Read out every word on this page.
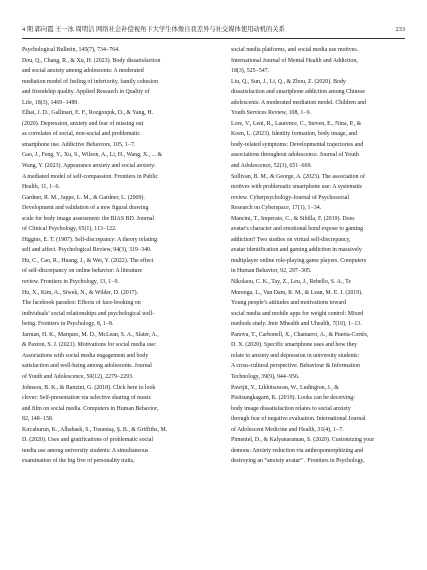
4 期 郭向霞 王一冰 周明洁 网络社会补偿视角下大学生体像自我差异与社交媒体使用动机的关系	233

Psychological Bulletin, 145(7), 734−764.

Dou, Q., Chang, R., & Xu, H. (2023). Body dissatisfaction
and social anxiety among adolescents: A moderated
mediation model of feeling of inferiority, family cohesion
and friendship quality. Applied Research in Quality of
Life, 18(3), 1469−1489.

Elhai, J. D., Gallinari, E. F., Rozgonjuk, D., & Yang, H.
(2020). Depression, anxiety and fear of missing out
as correlates of social, non-social and problematic
smartphone use. Addictive Behaviors, 105, 1−7.

Gao, J., Feng, Y., Xu, S., Wilson, A., Li, H., Wang, X., ... &
Wang, Y. (2023). Appearance anxiety and social anxiety:
A mediated model of self-compassion. Frontiers in Public
Health, 11, 1−6.

Gardner, R. M., Jappe, L. M., & Gardner, L. (2009).
Development and validation of a new figural drawing
scale for body image assessment: the BIAS BD. Journal
of Clinical Psychology, 65(1), 113−122.

Higgins, E. T. (1987). Self-discrepancy: A theory relating
self and affect. Psychological Review, 94(3), 319−340.

Hu, C., Cao, R., Huang, J., & Wei, Y. (2022). The effect
of self-discrepancy on online behavior: A literature
review. Frontiers in Psychology, 13, 1−9.

Hu, X., Kim, A., Siwek, N., & Wilder, D. (2017).
The facebook paradox: Effects of face-booking on
individuals’ social relationships and psychological well-
being. Frontiers in Psychology, 8, 1−8.

Jarman, H. K., Marques, M. D., McLean, S. A., Slater, A.,
& Paxton, S. J. (2021). Motivations for social media use:
Associations with social media engagement and body
satisfaction and well-being among adolescents. Journal
of Youth and Adolescence, 50(12), 2279−2293.

Johnson, B. K., & Ranzini, G. (2018). Click here to look
clever: Self-presentation via selective sharing of music
and film on social media. Computers in Human Behavior,
82, 148−158.

Kırcaburun, K., Alhabash, S., Tosuntaş, Ş. B., & Griffiths, M.
D. (2020). Uses and gratifications of problematic social
media use among university students: A simultaneous
examination of the big five of personality traits,

social media platforms, and social media use motives.
International Journal of Mental Health and Addiction,
18(3), 525−547.

Liu, Q., Sun, J., Li, Q., & Zhou, Z. (2020). Body
dissatisfaction and smartphone addiction among Chinese
adolescents: A moderated mediation model. Children and
Youth Services Review, 108, 1−9.

Lore, V., Leni, R., Laurence, C., Steven, E., Nina, P., &
Koen, L. (2023). Identity formation, body image, and
body-related symptoms: Developmental trajectories and
associations throughout adolescence. Journal of Youth
and Adolescence, 52(3), 651−669.

Sullivan, B. M., & George, A. (2023). The association of
motives with problematic smartphone use: A systematic
review. Cyberpsychology-Journal of Psychosocial
Research on Cyberspace, 17(1), 1−34.

Mancini, T., Imperato, C., & Sibilla, F. (2019). Does
avatar's character and emotional bond expose to gaming
addiction? Two studies on virtual self-discrepancy,
avatar identification and gaming addiction in massively
multiplayer online role-playing game players. Computers
in Human Behavior, 92, 297−305.

Nikolaou, C. K., Tay, Z., Leu, J., Rebello, S. A., Te
Morenga, L., Van Dam, R. M., & Lean, M. E. J. (2019).
Young people’s attitudes and motivations toward
social media and mobile apps for weight control: Mixed
methods study. Jmir Mhealth and Uhealth, 7(10), 1−13.

Panova, T., Carbonell, X., Chamarro, A., & Puerta-Cortés,
D. X. (2020). Specific smartphone uses and how they
relate to anxiety and depression in university students:
A cross-cultural perspective. Behaviour & Information
Technology, 39(9), 944−956.

Pawijit, Y., Likhitsuwan, W., Ludington, J., &
Pisitsungkagarn, K. (2019). Looks can be deceiving:
body image dissatisfaction relates to social anxiety
through fear of negative evaluation. International Journal
of Adolescent Medicine and Health, 31(4), 1−7.

Pimentel, D., & Kalyanaraman, S. (2020). Customizing your
demons: Anxiety reduction via anthropomorphizing and
destroying an “anxiety avatar” . Frontiers in Psychology,
